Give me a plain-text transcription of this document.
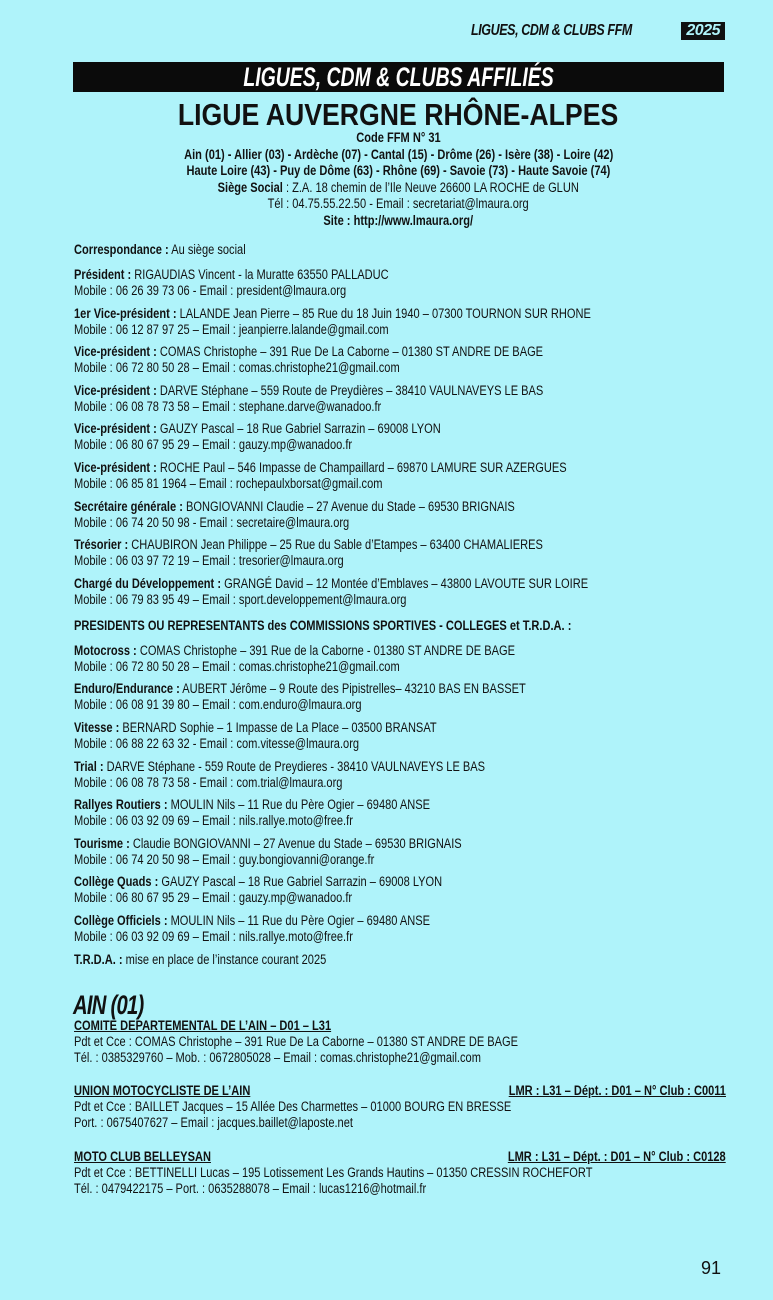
LIGUES, CDM & CLUBS FFM	2025
LIGUES, CDM & CLUBS AFFILIÉS
LIGUE AUVERGNE RHÔNE-ALPES
Code FFM N° 31
Ain (01) - Allier (03) - Ardèche (07) - Cantal (15) - Drôme (26) - Isère (38) - Loire (42)
Haute Loire (43) - Puy de Dôme (63) - Rhône (69) - Savoie (73) - Haute Savoie (74)
Siège Social : Z.A. 18 chemin de l’Ile Neuve 26600 LA ROCHE de GLUN
Tél : 04.75.55.22.50 - Email : secretariat@lmaura.org
Site : http://www.lmaura.org/
Correspondance : Au siège social
Président : RIGAUDIAS Vincent - la Muratte 63550 PALLADUC
Mobile : 06 26 39 73 06 - Email : president@lmaura.org
1er Vice-président : LALANDE Jean Pierre – 85 Rue du 18 Juin 1940 – 07300 TOURNON SUR RHONE
Mobile : 06 12 87 97 25 – Email : jeanpierre.lalande@gmail.com
Vice-président : COMAS Christophe – 391 Rue De La Caborne – 01380 ST ANDRE DE BAGE
Mobile : 06 72 80 50 28 – Email : comas.christophe21@gmail.com
Vice-président : DARVE Stéphane – 559 Route de Preydières – 38410 VAULNAVEYS LE BAS
Mobile : 06 08 78 73 58 – Email : stephane.darve@wanadoo.fr
Vice-président : GAUZY Pascal – 18 Rue Gabriel Sarrazin – 69008 LYON
Mobile : 06 80 67 95 29 – Email : gauzy.mp@wanadoo.fr
Vice-président : ROCHE Paul – 546 Impasse de Champaillard – 69870 LAMURE SUR AZERGUES
Mobile : 06 85 81 1964 – Email : rochepaulxborsat@gmail.com
Secrétaire générale : BONGIOVANNI Claudie – 27 Avenue du Stade – 69530 BRIGNAIS
Mobile : 06 74 20 50 98 - Email : secretaire@lmaura.org
Trésorier : CHAUBIRON Jean Philippe – 25 Rue du Sable d’Etampes – 63400 CHAMALIERES
Mobile : 06 03 97 72 19 – Email : tresorier@lmaura.org
Chargé du Développement : GRANGÉ David – 12 Montée d’Emblaves – 43800 LAVOUTE SUR LOIRE
Mobile : 06 79 83 95 49 – Email : sport.developpement@lmaura.org
PRESIDENTS OU REPRESENTANTS des COMMISSIONS SPORTIVES - COLLEGES et T.R.D.A. :
Motocross : COMAS Christophe – 391 Rue de la Caborne - 01380 ST ANDRE DE BAGE
Mobile : 06 72 80 50 28 – Email : comas.christophe21@gmail.com
Enduro/Endurance : AUBERT Jérôme – 9 Route des Pipistrelles– 43210 BAS EN BASSET
Mobile : 06 08 91 39 80 – Email : com.enduro@lmaura.org
Vitesse : BERNARD Sophie – 1 Impasse de La Place – 03500 BRANSAT
Mobile : 06 88 22 63 32 - Email : com.vitesse@lmaura.org
Trial : DARVE Stéphane - 559 Route de Preydieres - 38410 VAULNAVEYS LE BAS
Mobile : 06 08 78 73 58 - Email : com.trial@lmaura.org
Rallyes Routiers : MOULIN Nils – 11 Rue du Père Ogier – 69480 ANSE
Mobile : 06 03 92 09 69 – Email : nils.rallye.moto@free.fr
Tourisme : Claudie BONGIOVANNI – 27 Avenue du Stade – 69530 BRIGNAIS
Mobile : 06 74 20 50 98 – Email : guy.bongiovanni@orange.fr
Collège Quads : GAUZY Pascal – 18 Rue Gabriel Sarrazin – 69008 LYON
Mobile : 06 80 67 95 29 – Email : gauzy.mp@wanadoo.fr
Collège Officiels : MOULIN Nils – 11 Rue du Père Ogier – 69480 ANSE
Mobile : 06 03 92 09 69 – Email : nils.rallye.moto@free.fr
T.R.D.A. : mise en place de l’instance courant 2025
AIN (01)
COMITE DEPARTEMENTAL DE L’AIN – D01 – L31
Pdt et Cce : COMAS Christophe – 391 Rue De La Caborne – 01380 ST ANDRE DE BAGE
Tél. : 0385329760 – Mob. : 0672805028 – Email : comas.christophe21@gmail.com
UNION MOTOCYCLISTE DE L’AIN	LMR : L31 – Dépt. : D01 – N° Club : C0011
Pdt et Cce : BAILLET Jacques – 15 Allée Des Charmettes – 01000 BOURG EN BRESSE
Port. : 0675407627 – Email : jacques.baillet@laposte.net
MOTO CLUB BELLEYSAN	LMR : L31 – Dépt. : D01 – N° Club : C0128
Pdt et Cce : BETTINELLI Lucas – 195 Lotissement Les Grands Hautins – 01350 CRESSIN ROCHEFORT
Tél. : 0479422175 – Port. : 0635288078 – Email : lucas1216@hotmail.fr
91
